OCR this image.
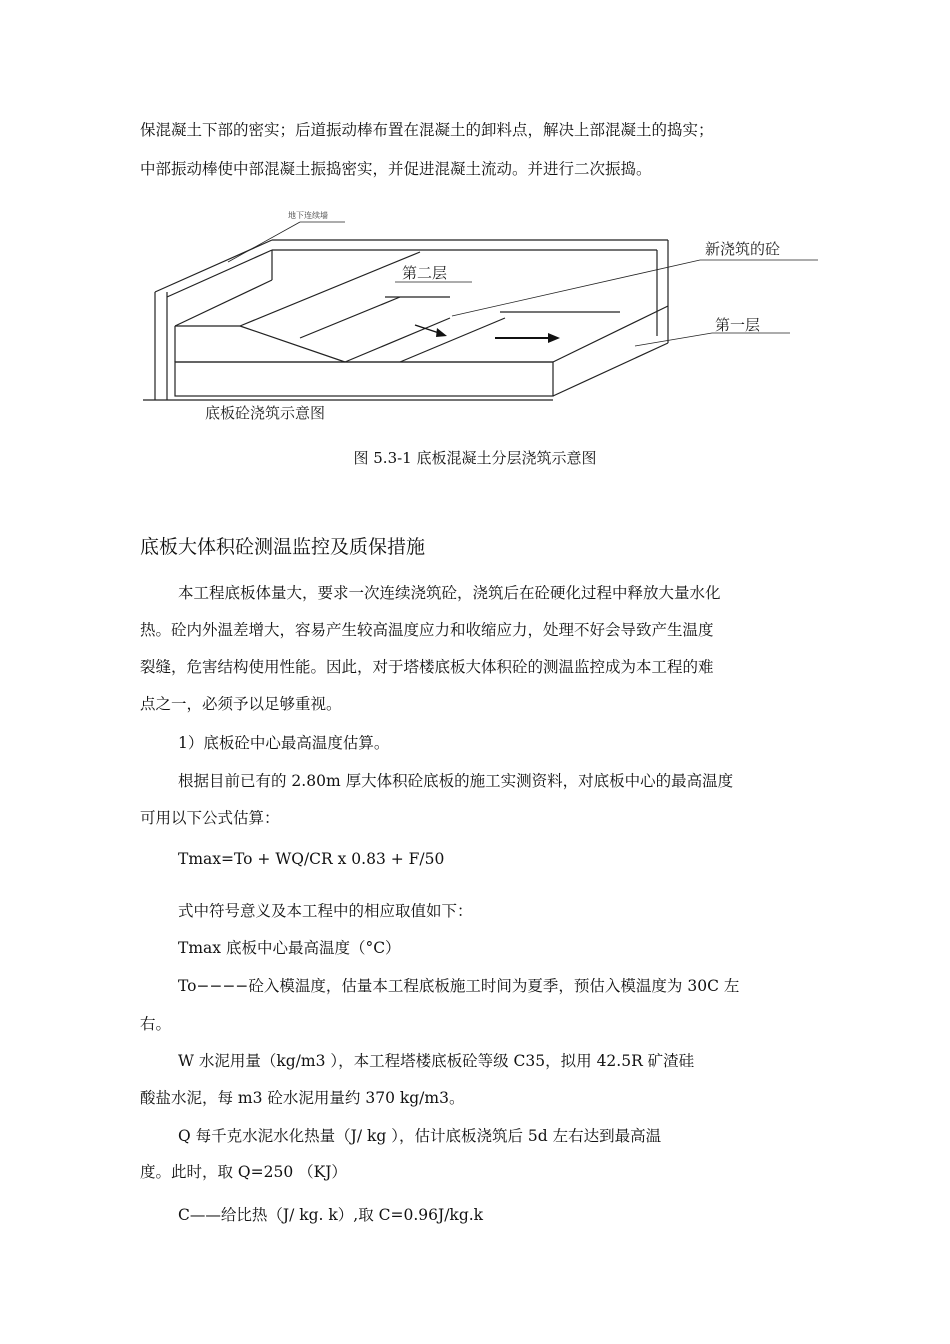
保混凝土下部的密实；后道振动棒布置在混凝土的卸料点，解决上部混凝土的捣实；
中部振动棒使中部混凝土振捣密实，并促进混凝土流动。并进行二次振捣。
地下连续墙
新浇筑的砼
第二层
第一层
底板砼浇筑示意图
图 5.3-1 底板混凝土分层浇筑示意图
底板大体积砼测温监控及质保措施
本工程底板体量大，要求一次连续浇筑砼，浇筑后在砼硬化过程中释放大量水化
热。砼内外温差增大，容易产生较高温度应力和收缩应力，处理不好会导致产生温度
裂缝，危害结构使用性能。因此，对于塔楼底板大体积砼的测温监控成为本工程的难
点之一，必须予以足够重视。
1）底板砼中心最高温度估算。
根据目前已有的 2.80m 厚大体积砼底板的施工实测资料，对底板中心的最高温度
可用以下公式估算：
Tmax=To + WQ/CR x 0.83 + F/50
式中符号意义及本工程中的相应取值如下：
Tmax 底板中心最高温度（°C）
To−−−−砼入模温度，估量本工程底板施工时间为夏季，预估入模温度为 30C 左
右。
W 水泥用量（kg/m3 ），本工程塔楼底板砼等级 C35，拟用 42.5R 矿渣硅
酸盐水泥，每 m3 砼水泥用量约 370 kg/m3。
Q 每千克水泥水化热量（J/ kg ），估计底板浇筑后 5d 左右达到最高温
度。此时，取 Q=250 （KJ）
C——给比热（J/ kg. k）,取 C=0.96J/kg.k
